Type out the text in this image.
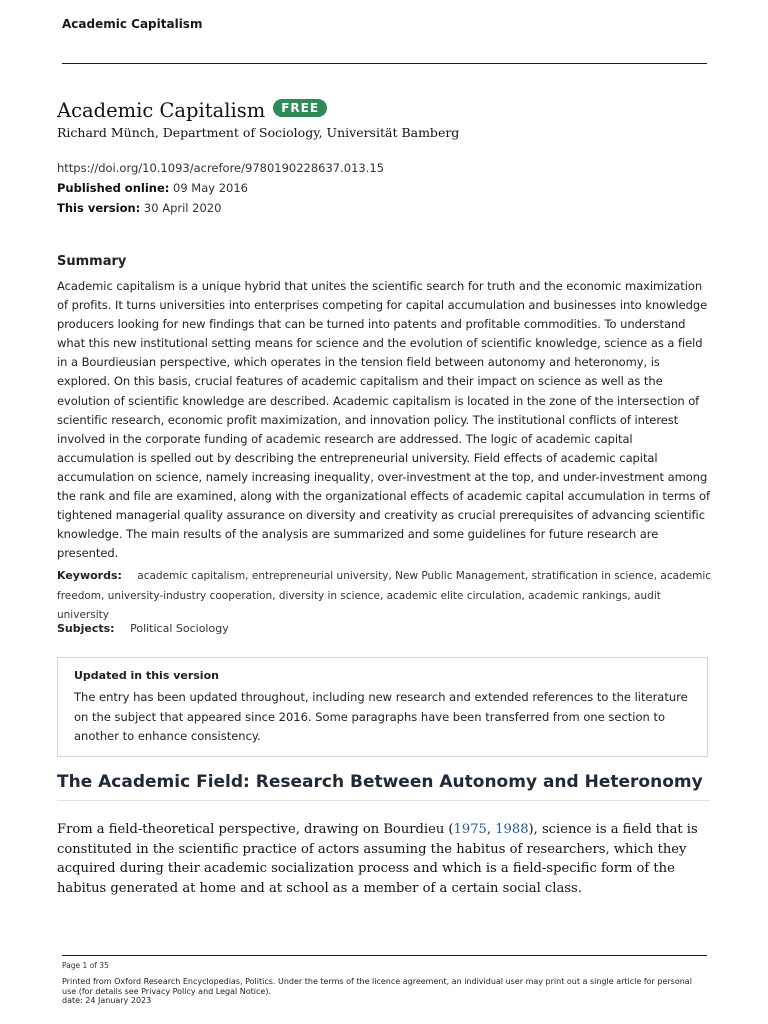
Academic Capitalism
Academic Capitalism	FREE
Richard Münch, Department of Sociology, Universität Bamberg
https://doi.org/10.1093/acrefore/9780190228637.013.15
Published online: 09 May 2016
This version: 30 April 2020
Summary
Academic capitalism is a unique hybrid that unites the scientific search for truth and the economic maximization of profits. It turns universities into enterprises competing for capital accumulation and businesses into knowledge producers looking for new findings that can be turned into patents and profitable commodities. To understand what this new institutional setting means for science and the evolution of scientific knowledge, science as a field in a Bourdieusian perspective, which operates in the tension field between autonomy and heteronomy, is explored. On this basis, crucial features of academic capitalism and their impact on science as well as the evolution of scientific knowledge are described. Academic capitalism is located in the zone of the intersection of scientific research, economic profit maximization, and innovation policy. The institutional conflicts of interest involved in the corporate funding of academic research are addressed. The logic of academic capital accumulation is spelled out by describing the entrepreneurial university. Field effects of academic capital accumulation on science, namely increasing inequality, over-investment at the top, and under-investment among the rank and file are examined, along with the organizational effects of academic capital accumulation in terms of tightened managerial quality assurance on diversity and creativity as crucial prerequisites of advancing scientific knowledge. The main results of the analysis are summarized and some guidelines for future research are presented.
Keywords: academic capitalism, entrepreneurial university, New Public Management, stratification in science, academic freedom, university-industry cooperation, diversity in science, academic elite circulation, academic rankings, audit university
Subjects: Political Sociology
Updated in this version
The entry has been updated throughout, including new research and extended references to the literature on the subject that appeared since 2016. Some paragraphs have been transferred from one section to another to enhance consistency.
The Academic Field: Research Between Autonomy and Heteronomy
From a field-theoretical perspective, drawing on Bourdieu (1975, 1988), science is a field that is constituted in the scientific practice of actors assuming the habitus of researchers, which they acquired during their academic socialization process and which is a field-specific form of the habitus generated at home and at school as a member of a certain social class.
Page 1 of 35
Printed from Oxford Research Encyclopedias, Politics. Under the terms of the licence agreement, an individual user may print out a single article for personal use (for details see Privacy Policy and Legal Notice).
date: 24 January 2023
